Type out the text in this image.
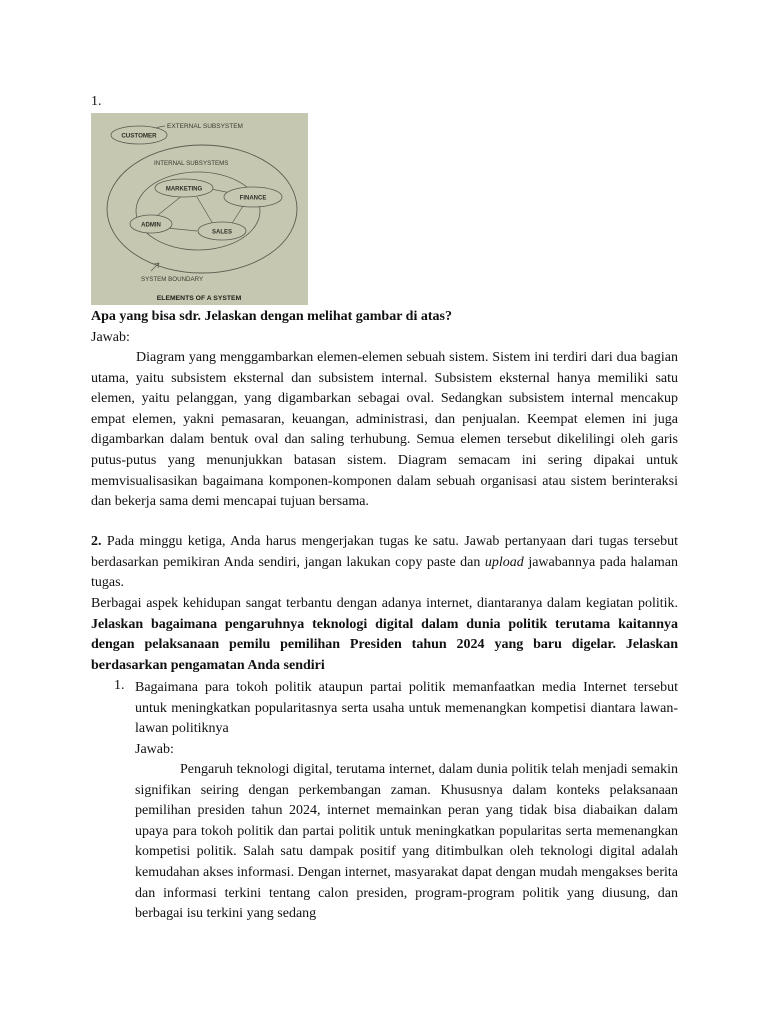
1.
EXTERNAL SUBSYSTEM
CUSTOMER
INTERNAL SUBSYSTEMS
MARKETING
FINANCE
ADMIN
SALES
SYSTEM BOUNDARY
ELEMENTS OF A SYSTEM
Apa yang bisa sdr. Jelaskan dengan melihat gambar di atas?
Jawab:

Diagram yang menggambarkan elemen-elemen sebuah sistem. Sistem ini terdiri dari dua bagian utama, yaitu subsistem eksternal dan subsistem internal. Subsistem eksternal hanya memiliki satu elemen, yaitu pelanggan, yang digambarkan sebagai oval. Sedangkan subsistem internal mencakup empat elemen, yakni pemasaran, keuangan, administrasi, dan penjualan. Keempat elemen ini juga digambarkan dalam bentuk oval dan saling terhubung. Semua elemen tersebut dikelilingi oleh garis putus-putus yang menunjukkan batasan sistem. Diagram semacam ini sering dipakai untuk memvisualisasikan bagaimana komponen-komponen dalam sebuah organisasi atau sistem berinteraksi dan bekerja sama demi mencapai tujuan bersama.

2. Pada minggu ketiga, Anda harus mengerjakan tugas ke satu. Jawab pertanyaan dari tugas tersebut berdasarkan pemikiran Anda sendiri, jangan lakukan copy paste dan upload jawabannya pada halaman tugas.

Berbagai aspek kehidupan sangat terbantu dengan adanya internet, diantaranya dalam kegiatan politik. Jelaskan bagaimana pengaruhnya teknologi digital dalam dunia politik terutama kaitannya dengan pelaksanaan pemilu pemilihan Presiden tahun 2024 yang baru digelar. Jelaskan berdasarkan pengamatan Anda sendiri

1. Bagaimana para tokoh politik ataupun partai politik memanfaatkan media Internet tersebut untuk meningkatkan popularitasnya serta usaha untuk memenangkan kompetisi diantara lawan-lawan politiknya

Jawab:

Pengaruh teknologi digital, terutama internet, dalam dunia politik telah menjadi semakin signifikan seiring dengan perkembangan zaman. Khususnya dalam konteks pelaksanaan pemilihan presiden tahun 2024, internet memainkan peran yang tidak bisa diabaikan dalam upaya para tokoh politik dan partai politik untuk meningkatkan popularitas serta memenangkan kompetisi politik. Salah satu dampak positif yang ditimbulkan oleh teknologi digital adalah kemudahan akses informasi. Dengan internet, masyarakat dapat dengan mudah mengakses berita dan informasi terkini tentang calon presiden, program-program politik yang diusung, dan berbagai isu terkini yang sedang
